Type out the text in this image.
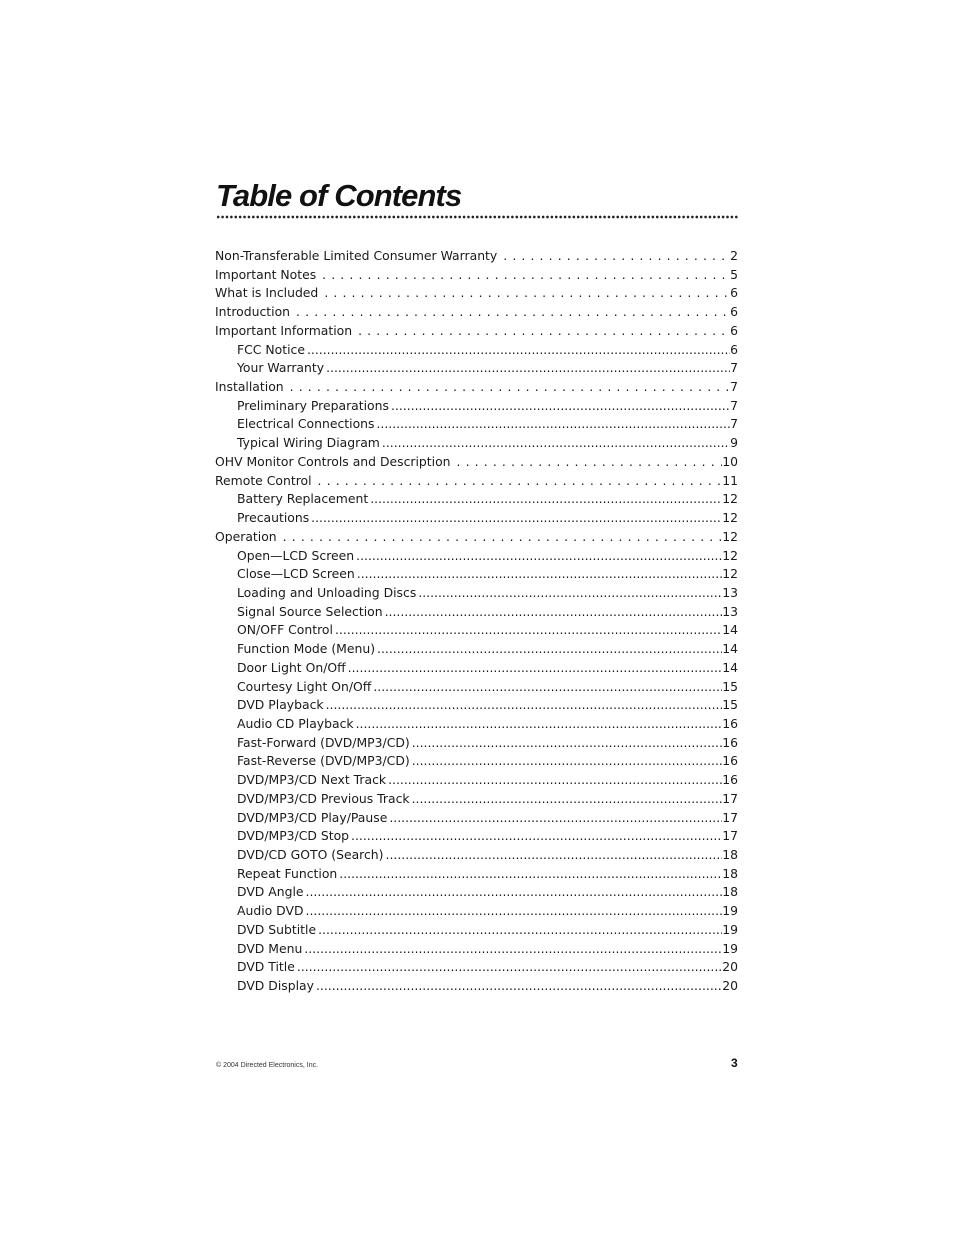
Table of Contents
Non-Transferable Limited Consumer Warranty . . .	2
Important Notes . . .	5
What is Included . . .	6
Introduction . . .	6
Important Information . . .	6
FCC Notice .....	6
Your Warranty .....	7
Installation . . .	7
Preliminary Preparations .....	7
Electrical Connections .....	7
Typical Wiring Diagram .....	9
OHV Monitor Controls and Description . . .	10
Remote Control . . .	11
Battery Replacement .....	12
Precautions .....	12
Operation . . .	12
Open—LCD Screen .....	12
Close—LCD Screen .....	12
Loading and Unloading Discs .....	13
Signal Source Selection .....	13
ON/OFF Control .....	14
Function Mode (Menu) .....	14
Door Light On/Off .....	14
Courtesy Light On/Off .....	15
DVD Playback .....	15
Audio CD Playback .....	16
Fast-Forward (DVD/MP3/CD) .....	16
Fast-Reverse (DVD/MP3/CD) .....	16
DVD/MP3/CD Next Track .....	16
DVD/MP3/CD Previous Track .....	17
DVD/MP3/CD Play/Pause .....	17
DVD/MP3/CD Stop .....	17
DVD/CD GOTO (Search) .....	18
Repeat Function .....	18
DVD Angle .....	18
Audio DVD .....	19
DVD Subtitle .....	19
DVD Menu .....	19
DVD Title .....	20
DVD Display .....	20
© 2004 Directed Electronics, Inc.	3
